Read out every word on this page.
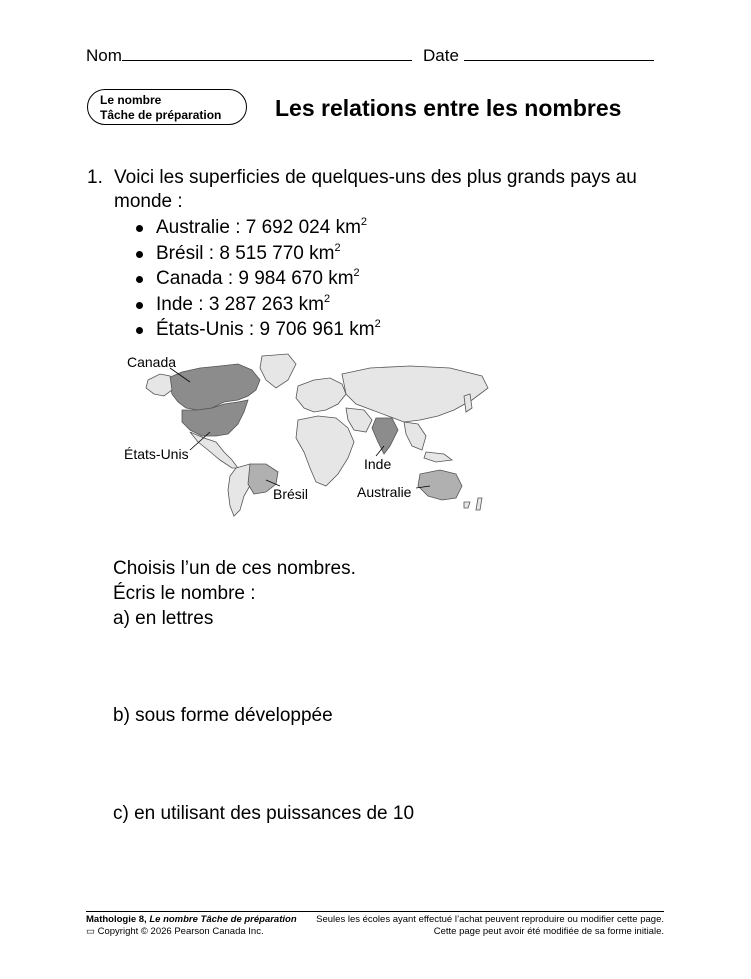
Nom	Date
Le nombre
Tâche de préparation	Les relations entre les nombres
1. Voici les superficies de quelques-uns des plus grands pays au
monde :
Australie : 7 692 024 $km^2$
Brésil : 8 515 770 $km^2$
Canada : 9 984 670 $km^2$
Inde : 3 287 263 $km^2$
États-Unis : 9 706 961 $km^2$
Canada
États-Unis
Brésil
Inde
Australie
Choisis l’un de ces nombres.
Écris le nombre :
a) en lettres
b) sous forme développée
c) en utilisant des puissances de 10
Mathologie 8, Le nombre Tâche de préparation
▭ Copyright © 2026 Pearson Canada Inc.
Seules les écoles ayant effectué l’achat peuvent reproduire ou modifier cette page.
Cette page peut avoir été modifiée de sa forme initiale.
